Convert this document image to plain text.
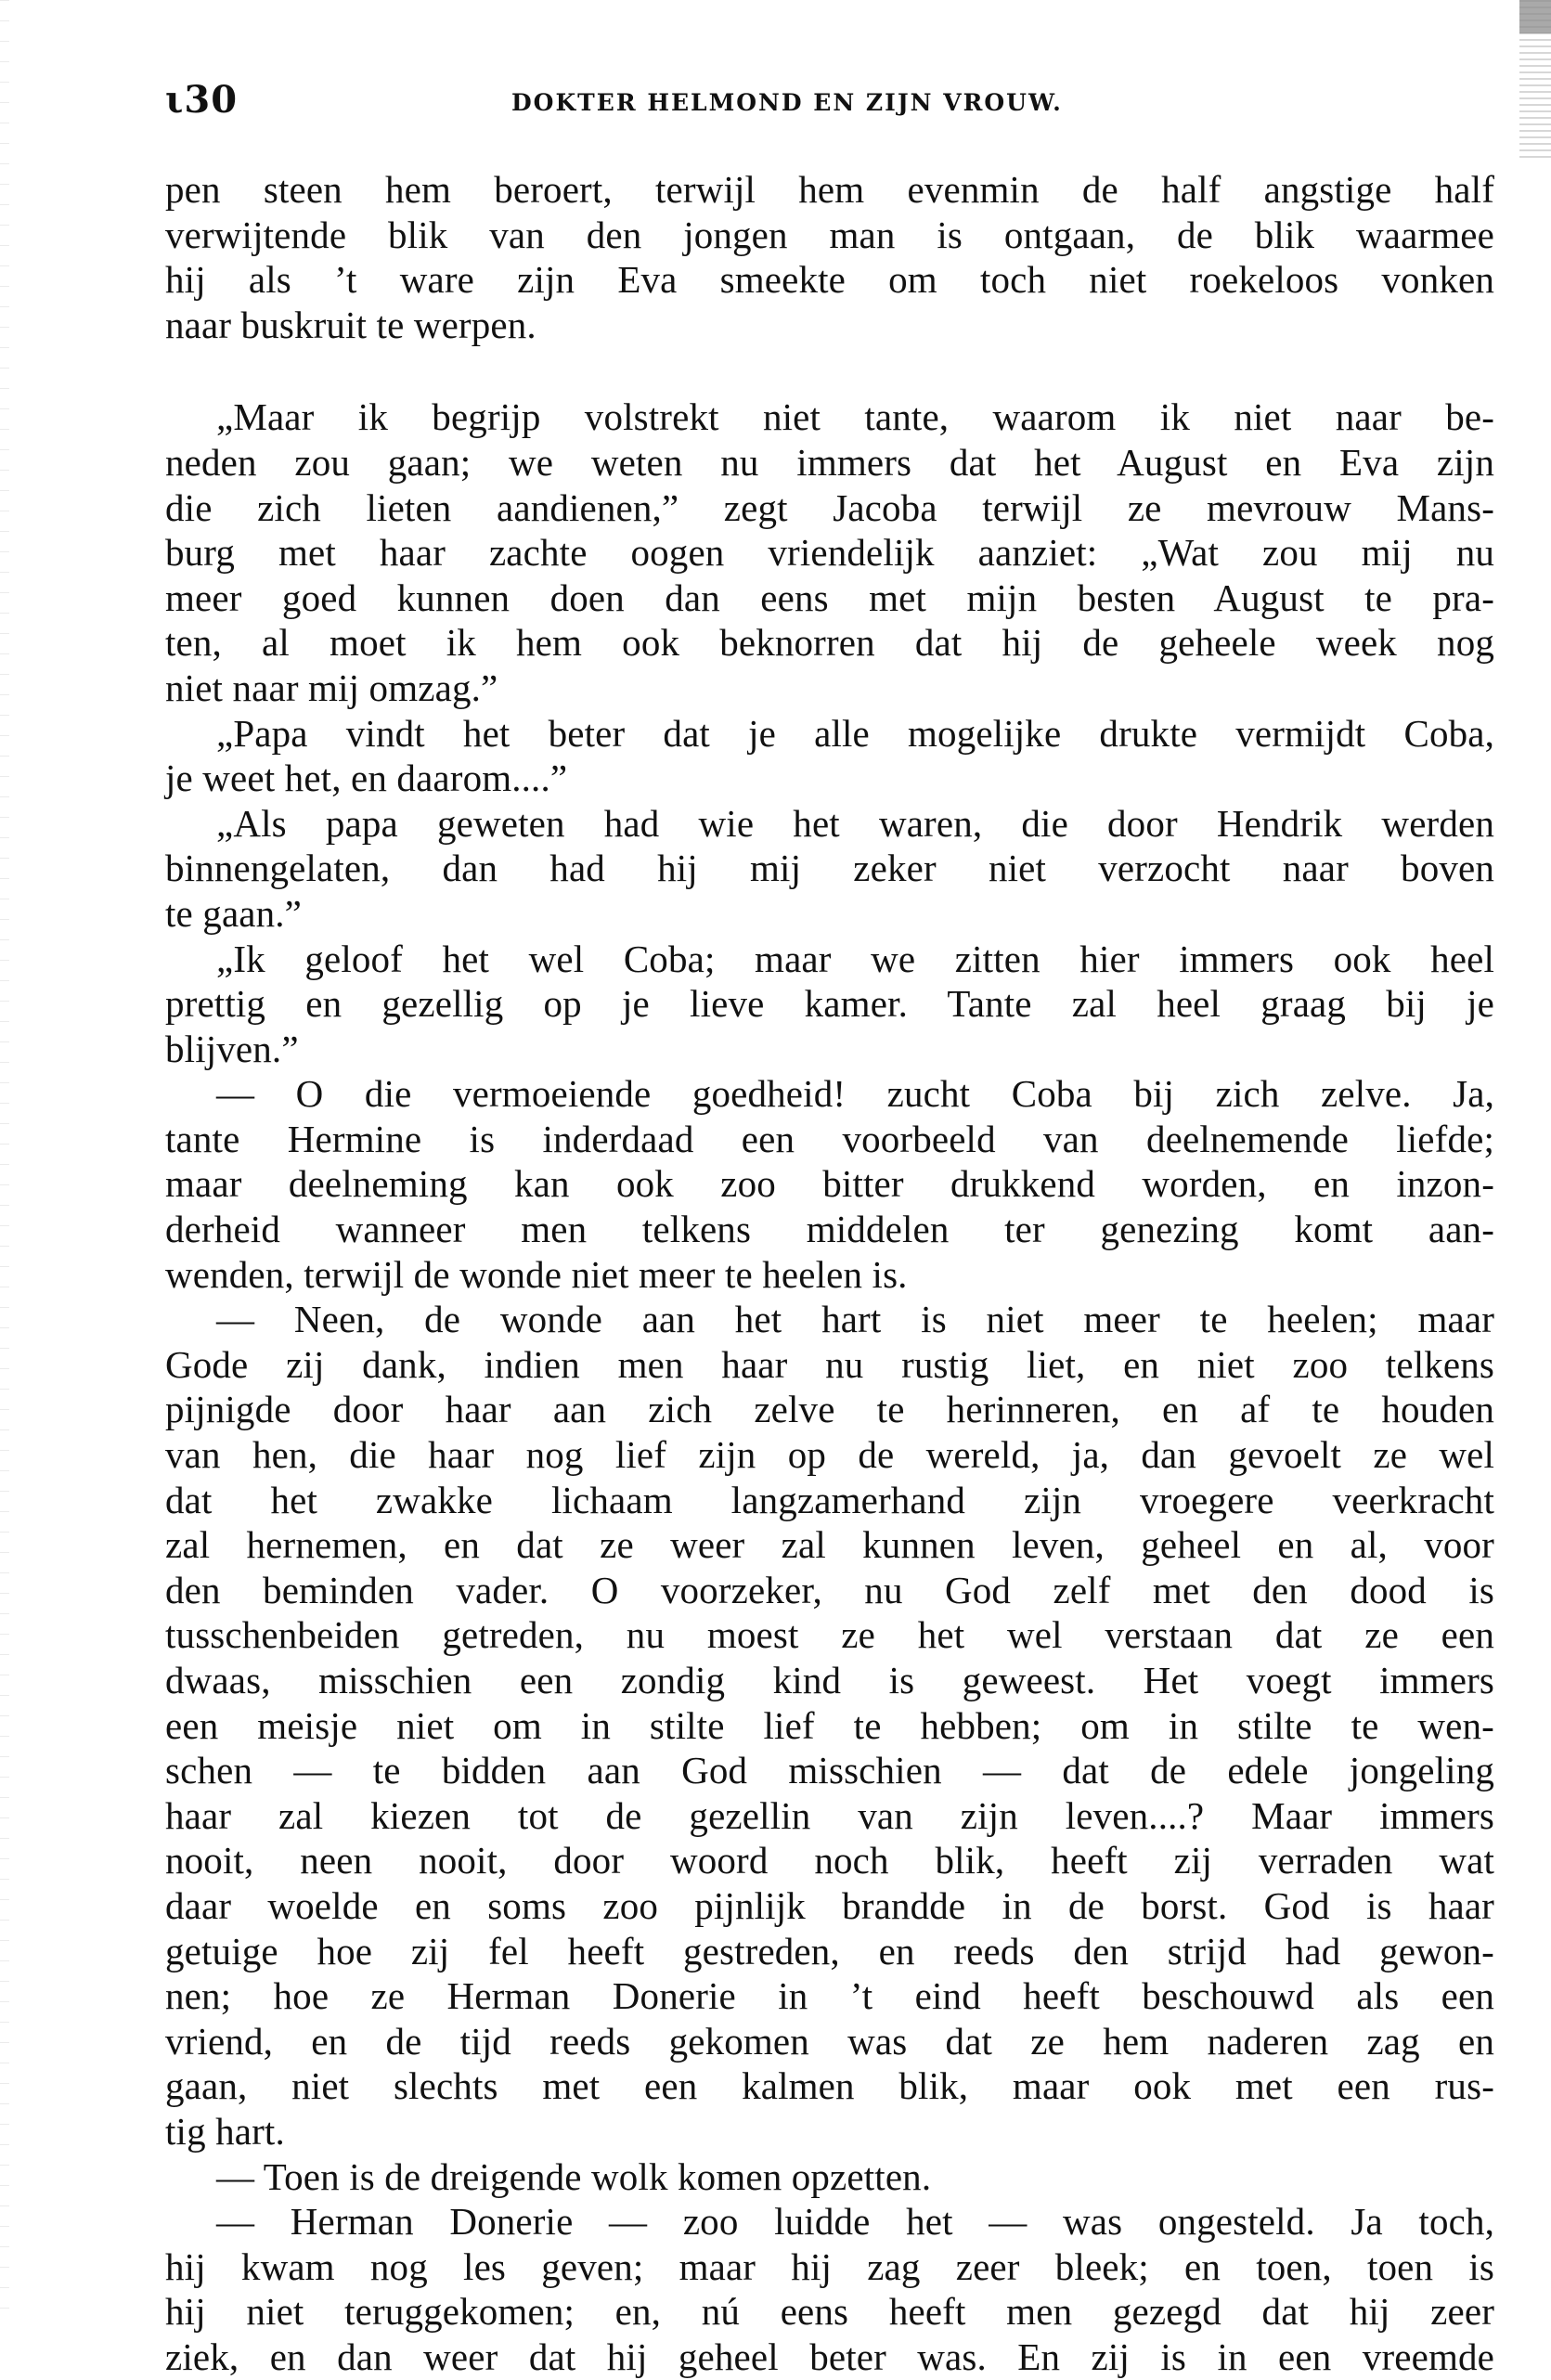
ι30	DOKTER HELMOND EN ZIJN VROUW.

pen steen hem beroert, terwijl hem evenmin de half angstige half

verwijtende blik van den jongen man is ontgaan, de blik waarmee

hij als ’t ware zijn Eva smeekte om toch niet roekeloos vonken

naar buskruit te werpen.

„Maar ik begrijp volstrekt niet tante, waarom ik niet naar be-

neden zou gaan; we weten nu immers dat het August en Eva zijn

die zich lieten aandienen,” zegt Jacoba terwijl ze mevrouw Mans-

burg met haar zachte oogen vriendelijk aanziet: „Wat zou mij nu

meer goed kunnen doen dan eens met mijn besten August te pra-

ten, al moet ik hem ook beknorren dat hij de geheele week nog

niet naar mij omzag.”

„Papa vindt het beter dat je alle mogelijke drukte vermijdt Coba,

je weet het, en daarom....”

„Als papa geweten had wie het waren, die door Hendrik werden

binnengelaten, dan had hij mij zeker niet verzocht naar boven

te gaan.”

„Ik geloof het wel Coba; maar we zitten hier immers ook heel

prettig en gezellig op je lieve kamer. Tante zal heel graag bij je

blijven.”

— O die vermoeiende goedheid! zucht Coba bij zich zelve. Ja,

tante Hermine is inderdaad een voorbeeld van deelnemende liefde;

maar deelneming kan ook zoo bitter drukkend worden, en inzon-

derheid wanneer men telkens middelen ter genezing komt aan-

wenden, terwijl de wonde niet meer te heelen is.

— Neen, de wonde aan het hart is niet meer te heelen; maar

Gode zij dank, indien men haar nu rustig liet, en niet zoo telkens

pijnigde door haar aan zich zelve te herinneren, en af te houden

van hen, die haar nog lief zijn op de wereld, ja, dan gevoelt ze wel

dat het zwakke lichaam langzamerhand zijn vroegere veerkracht

zal hernemen, en dat ze weer zal kunnen leven, geheel en al, voor

den beminden vader. O voorzeker, nu God zelf met den dood is

tusschenbeiden getreden, nu moest ze het wel verstaan dat ze een

dwaas, misschien een zondig kind is geweest. Het voegt immers

een meisje niet om in stilte lief te hebben; om in stilte te wen-

schen — te bidden aan God misschien — dat de edele jongeling

haar zal kiezen tot de gezellin van zijn leven....? Maar immers

nooit, neen nooit, door woord noch blik, heeft zij verraden wat

daar woelde en soms zoo pijnlijk brandde in de borst. God is haar

getuige hoe zij fel heeft gestreden, en reeds den strijd had gewon-

nen; hoe ze Herman Donerie in ’t eind heeft beschouwd als een

vriend, en de tijd reeds gekomen was dat ze hem naderen zag en

gaan, niet slechts met een kalmen blik, maar ook met een rus-

tig hart.

— Toen is de dreigende wolk komen opzetten.

— Herman Donerie — zoo luidde het — was ongesteld. Ja toch,

hij kwam nog les geven; maar hij zag zeer bleek; en toen, toen is

hij niet teruggekomen; en, nú eens heeft men gezegd dat hij zeer

ziek, en dan weer dat hij geheel beter was. En zij is in een vreemde
